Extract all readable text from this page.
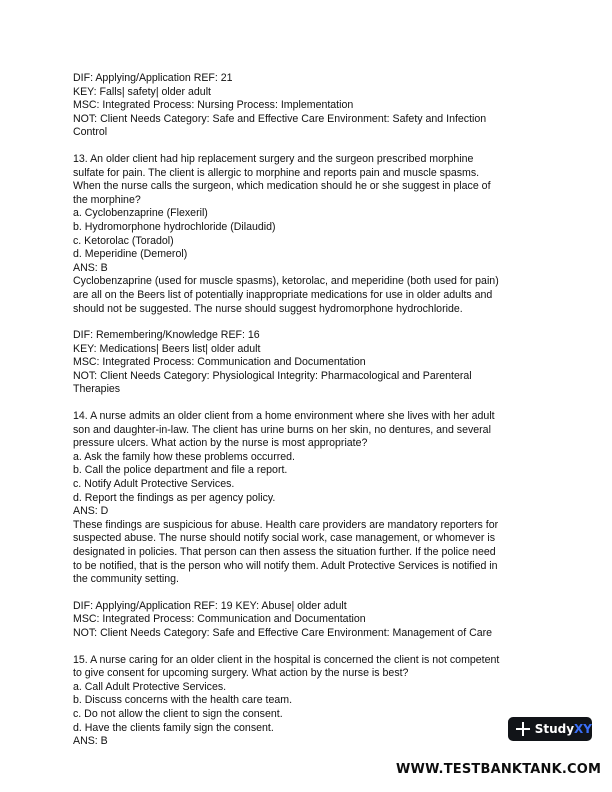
DIF: Applying/Application REF: 21
KEY: Falls| safety| older adult
MSC: Integrated Process: Nursing Process: Implementation
NOT: Client Needs Category: Safe and Effective Care Environment: Safety and Infection
Control
13. An older client had hip replacement surgery and the surgeon prescribed morphine
sulfate for pain. The client is allergic to morphine and reports pain and muscle spasms.
When the nurse calls the surgeon, which medication should he or she suggest in place of
the morphine?
a. Cyclobenzaprine (Flexeril)
b. Hydromorphone hydrochloride (Dilaudid)
c. Ketorolac (Toradol)
d. Meperidine (Demerol)
ANS: B
Cyclobenzaprine (used for muscle spasms), ketorolac, and meperidine (both used for pain)
are all on the Beers list of potentially inappropriate medications for use in older adults and
should not be suggested. The nurse should suggest hydromorphone hydrochloride.
DIF: Remembering/Knowledge REF: 16
KEY: Medications| Beers list| older adult
MSC: Integrated Process: Communication and Documentation
NOT: Client Needs Category: Physiological Integrity: Pharmacological and Parenteral
Therapies
14. A nurse admits an older client from a home environment where she lives with her adult
son and daughter-in-law. The client has urine burns on her skin, no dentures, and several
pressure ulcers. What action by the nurse is most appropriate?
a. Ask the family how these problems occurred.
b. Call the police department and file a report.
c. Notify Adult Protective Services.
d. Report the findings as per agency policy.
ANS: D
These findings are suspicious for abuse. Health care providers are mandatory reporters for
suspected abuse. The nurse should notify social work, case management, or whomever is
designated in policies. That person can then assess the situation further. If the police need
to be notified, that is the person who will notify them. Adult Protective Services is notified in
the community setting.
DIF: Applying/Application REF: 19 KEY: Abuse| older adult
MSC: Integrated Process: Communication and Documentation
NOT: Client Needs Category: Safe and Effective Care Environment: Management of Care
15. A nurse caring for an older client in the hospital is concerned the client is not competent
to give consent for upcoming surgery. What action by the nurse is best?
a. Call Adult Protective Services.
b. Discuss concerns with the health care team.
c. Do not allow the client to sign the consent.
d. Have the clients family sign the consent.
ANS: B
StudyXY
WWW.TESTBANKTANK.COM
